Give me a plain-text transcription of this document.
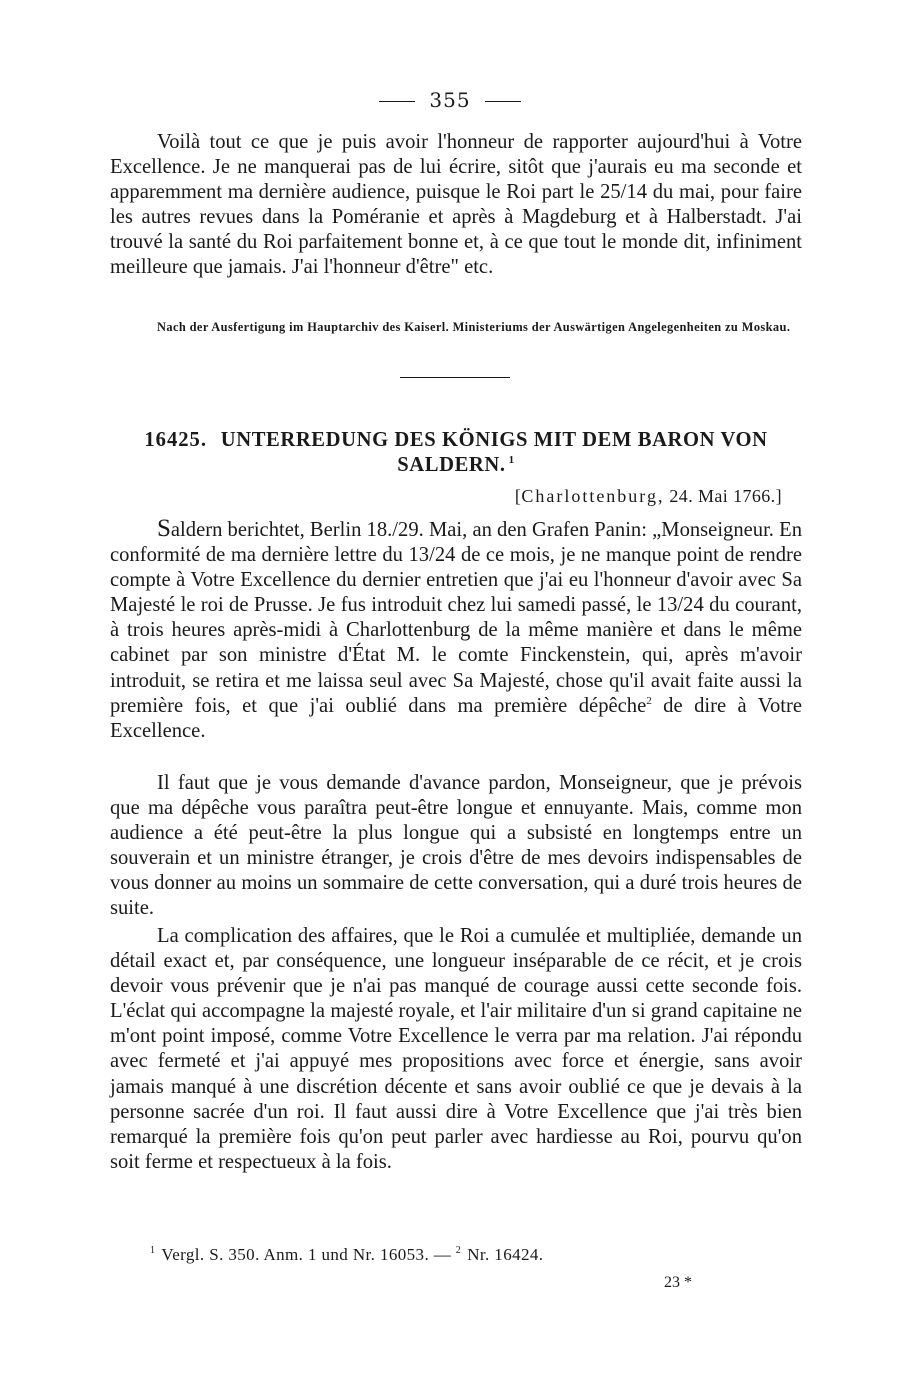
355

Voilà tout ce que je puis avoir l'honneur de rapporter aujourd'hui à Votre Excellence. Je ne manquerai pas de lui écrire, sitôt que j'aurais eu ma seconde et apparemment ma dernière audience, puisque le Roi part le 25/14 du mai, pour faire les autres revues dans la Poméranie et après à Magdeburg et à Halberstadt. J'ai trouvé la santé du Roi parfaitement bonne et, à ce que tout le monde dit, infiniment meilleure que jamais. J'ai l'honneur d'être" etc.

Nach der Ausfertigung im Hauptarchiv des Kaiserl. Ministeriums der Auswärtigen Angelegenheiten zu Moskau.

16425. UNTERREDUNG DES KÖNIGS MIT DEM BARON VON SALDERN. $^1$

[Charlottenburg, 24. Mai 1766.]

Saldern berichtet, Berlin 18./29. Mai, an den Grafen Panin: „Monseigneur. En conformité de ma dernière lettre du 13/24 de ce mois, je ne manque point de rendre compte à Votre Excellence du dernier entretien que j'ai eu l'honneur d'avoir avec Sa Majesté le roi de Prusse. Je fus introduit chez lui samedi passé, le 13/24 du courant, à trois heures après-midi à Charlottenburg de la même manière et dans le même cabinet par son ministre d'État M. le comte Finckenstein, qui, après m'avoir introduit, se retira et me laissa seul avec Sa Majesté, chose qu'il avait faite aussi la première fois, et que j'ai oublié dans ma première dépêche$^2$ de dire à Votre Excellence.

Il faut que je vous demande d'avance pardon, Monseigneur, que je prévois que ma dépêche vous paraîtra peut-être longue et ennuyante. Mais, comme mon audience a été peut-être la plus longue qui a subsisté en longtemps entre un souverain et un ministre étranger, je crois d'être de mes devoirs indispensables de vous donner au moins un sommaire de cette conversation, qui a duré trois heures de suite.

La complication des affaires, que le Roi a cumulée et multipliée, demande un détail exact et, par conséquence, une longueur inséparable de ce récit, et je crois devoir vous prévenir que je n'ai pas manqué de courage aussi cette seconde fois. L'éclat qui accompagne la majesté royale, et l'air militaire d'un si grand capitaine ne m'ont point imposé, comme Votre Excellence le verra par ma relation. J'ai répondu avec fermeté et j'ai appuyé mes propositions avec force et énergie, sans avoir jamais manqué à une discrétion décente et sans avoir oublié ce que je devais à la personne sacrée d'un roi. Il faut aussi dire à Votre Excellence que j'ai très bien remarqué la première fois qu'on peut parler avec hardiesse au Roi, pourvu qu'on soit ferme et respectueux à la fois.

$^1$ Vergl. S. 350. Anm. 1 und Nr. 16053. — $^2$ Nr. 16424.

23 *
